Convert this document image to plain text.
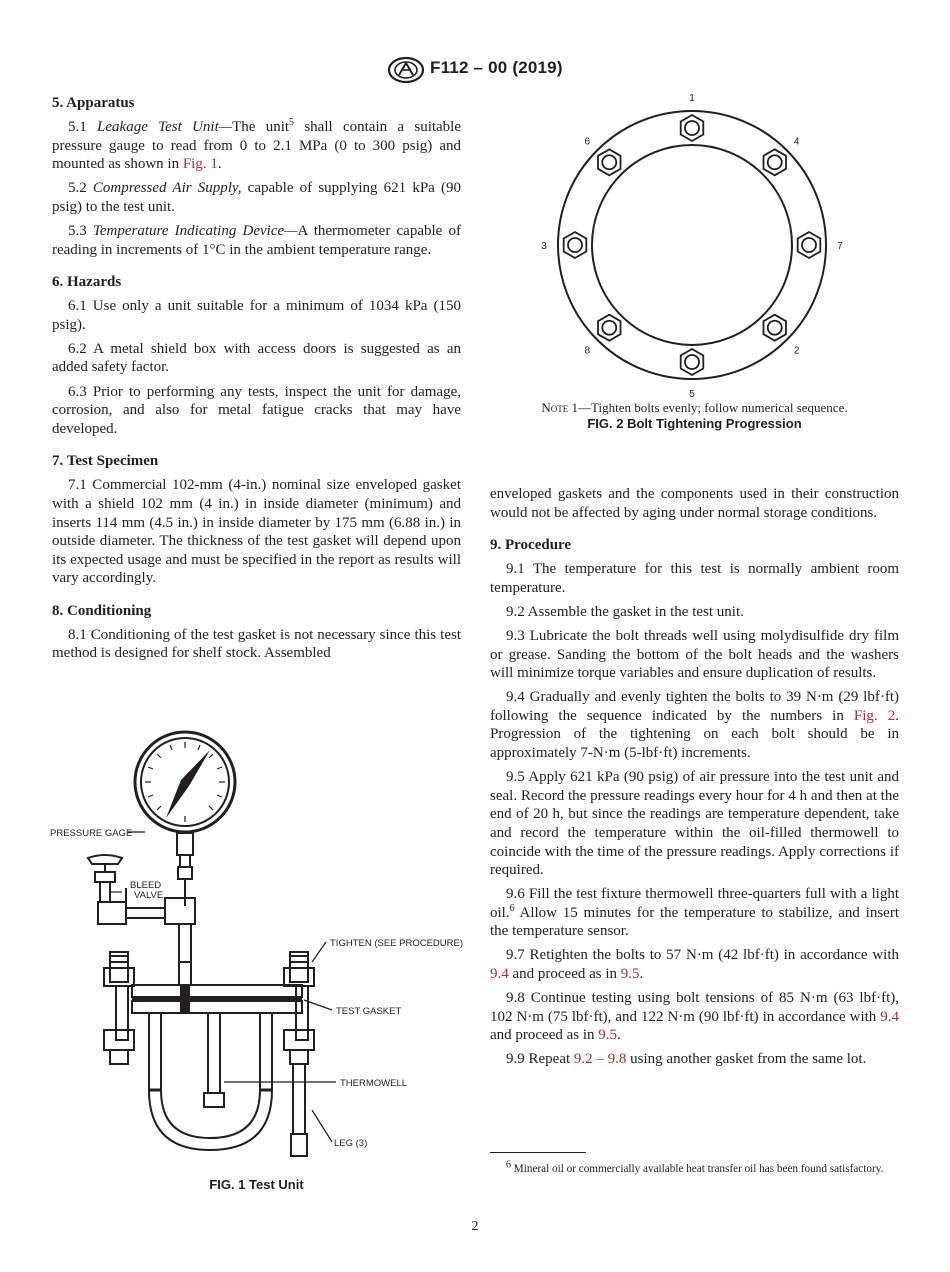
F112 – 00 (2019)
5. Apparatus

5.1 Leakage Test Unit—The unit$^5$ shall contain a suitable pressure gauge to read from 0 to 2.1 MPa (0 to 300 psig) and mounted as shown in Fig. 1.

5.2 Compressed Air Supply, capable of supplying 621 kPa (90 psig) to the test unit.

5.3 Temperature Indicating Device—A thermometer capable of reading in increments of 1°C in the ambient temperature range.

6. Hazards

6.1 Use only a unit suitable for a minimum of 1034 kPa (150 psig).

6.2 A metal shield box with access doors is suggested as an added safety factor.

6.3 Prior to performing any tests, inspect the unit for damage, corrosion, and also for metal fatigue cracks that may have developed.

7. Test Specimen

7.1 Commercial 102-mm (4-in.) nominal size enveloped gasket with a shield 102 mm (4 in.) in inside diameter (minimum) and inserts 114 mm (4.5 in.) in inside diameter by 175 mm (6.88 in.) in outside diameter. The thickness of the test gasket will depend upon its expected usage and must be specified in the report as results will vary accordingly.

8. Conditioning

8.1 Conditioning of the test gasket is not necessary since this test method is designed for shelf stock. Assembled

PRESSURE GAGE
BLEED
VALVE
TIGHTEN (SEE PROCEDURE)
TEST GASKET
THERMOWELL
LEG (3)
FIG. 1 Test Unit
1
4
7
2
5
8
3
6
Note 1—Tighten bolts evenly; follow numerical sequence.
FIG. 2 Bolt Tightening Progression

enveloped gaskets and the components used in their construction would not be affected by aging under normal storage conditions.

9. Procedure

9.1 The temperature for this test is normally ambient room temperature.

9.2 Assemble the gasket in the test unit.

9.3 Lubricate the bolt threads well using molydisulfide dry film or grease. Sanding the bottom of the bolt heads and the washers will minimize torque variables and ensure duplication of results.

9.4 Gradually and evenly tighten the bolts to 39 N·m (29 lbf·ft) following the sequence indicated by the numbers in Fig. 2. Progression of the tightening on each bolt should be in approximately 7-N·m (5-lbf·ft) increments.

9.5 Apply 621 kPa (90 psig) of air pressure into the test unit and seal. Record the pressure readings every hour for 4 h and then at the end of 20 h, but since the readings are temperature dependent, take and record the temperature within the oil-filled thermowell to coincide with the time of the pressure readings. Apply corrections if required.

9.6 Fill the test fixture thermowell three-quarters full with a light oil.$^6$ Allow 15 minutes for the temperature to stabilize, and insert the temperature sensor.

9.7 Retighten the bolts to 57 N·m (42 lbf·ft) in accordance with 9.4 and proceed as in 9.5.

9.8 Continue testing using bolt tensions of 85 N·m (63 lbf·ft), 102 N·m (75 lbf·ft), and 122 N·m (90 lbf·ft) in accordance with 9.4 and proceed as in 9.5.

9.9 Repeat 9.2 – 9.8 using another gasket from the same lot.

$^6$ Mineral oil or commercially available heat transfer oil has been found satisfactory.
2
